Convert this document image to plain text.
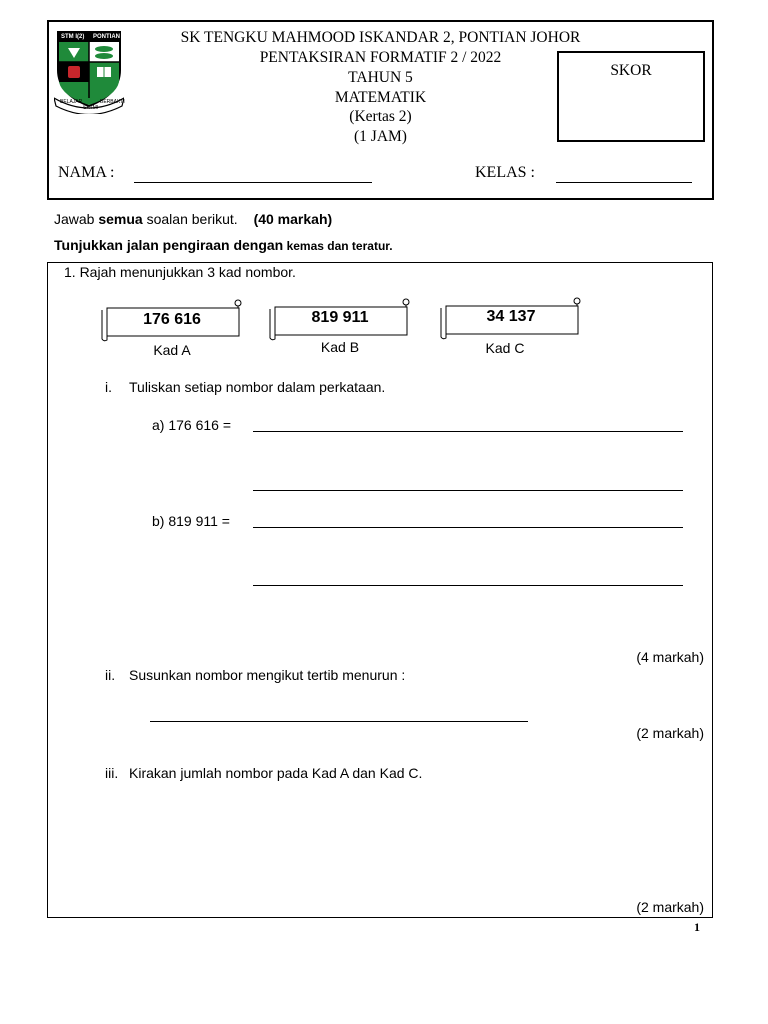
SK TENGKU MAHMOOD ISKANDAR 2, PONTIAN JOHOR
PENTAKSIRAN FORMATIF 2 / 2022
TAHUN 5
MATEMATIK
(Kertas 2)
(1 JAM)
STM I(2) PONTIAN
BELAJAR	BERBAKTI
SKTMI
SKOR
NAMA :	KELAS :
Jawab semua soalan berikut. (40 markah)
Tunjukkan jalan pengiraan dengan kemas dan teratur.
1. Rajah menunjukkan 3 kad nombor.
176 616
Kad A
819 911
Kad B
34 137
Kad C
i. Tuliskan setiap nombor dalam perkataan.
a) 176 616 =
b) 819 911 =
(4 markah)
ii. Susunkan nombor mengikut tertib menurun :
(2 markah)
iii. Kirakan jumlah nombor pada Kad A dan Kad C.
(2 markah)
1
